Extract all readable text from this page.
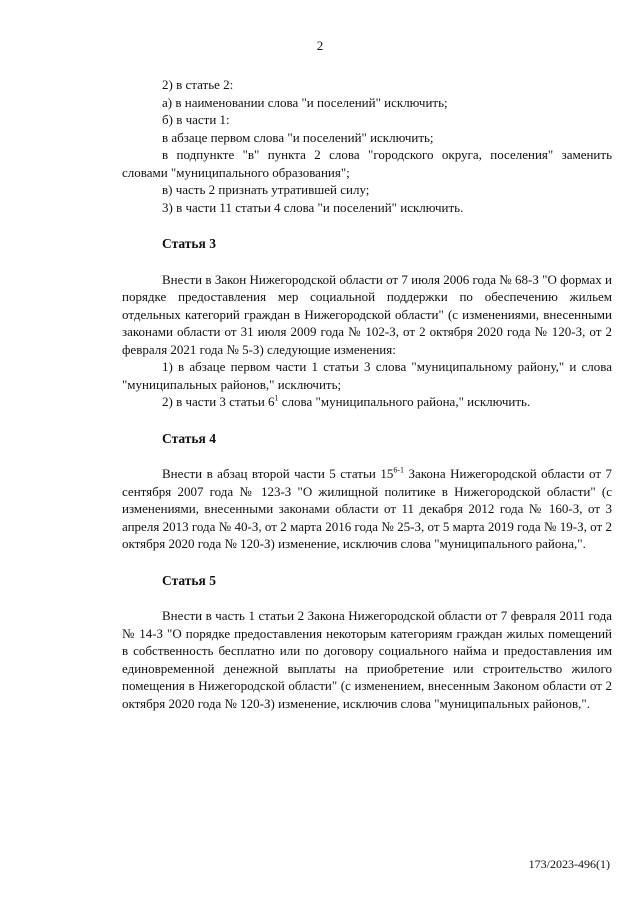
2

2) в статье 2:

а) в наименовании слова "и поселений" исключить;

б) в части 1:

в абзаце первом слова "и поселений" исключить;

в подпункте "в" пункта 2 слова "городского округа, поселения" заменить словами "муниципального образования";

в) часть 2 признать утратившей силу;

3) в части 11 статьи 4 слова "и поселений" исключить.

Статья 3

Внести в Закон Нижегородской области от 7 июля 2006 года № 68-З "О формах и порядке предоставления мер социальной поддержки по обеспечению жильем отдельных категорий граждан в Нижегородской области" (с изменениями, внесенными законами области от 31 июля 2009 года № 102-З, от 2 октября 2020 года № 120-З, от 2 февраля 2021 года № 5-З) следующие изменения:

1) в абзаце первом части 1 статьи 3 слова "муниципальному району," и слова "муниципальных районов," исключить;

2) в части 3 статьи $6^1$ слова "муниципального района," исключить.

Статья 4

Внести в абзац второй части 5 статьи 15$^{6-1}$ Закона Нижегородской области от 7 сентября 2007 года № 123-З "О жилищной политике в Нижегородской области" (с изменениями, внесенными законами области от 11 декабря 2012 года № 160-З, от 3 апреля 2013 года № 40-З, от 2 марта 2016 года № 25-З, от 5 марта 2019 года № 19-З, от 2 октября 2020 года № 120-З) изменение, исключив слова "муниципального района,".

Статья 5

Внести в часть 1 статьи 2 Закона Нижегородской области от 7 февраля 2011 года № 14-З "О порядке предоставления некоторым категориям граждан жилых помещений в собственность бесплатно или по договору социального найма и предоставления им единовременной денежной выплаты на приобретение или строительство жилого помещения в Нижегородской области" (с изменением, внесенным Законом области от 2 октября 2020 года № 120-З) изменение, исключив слова "муниципальных районов,".

173/2023-496(1)
